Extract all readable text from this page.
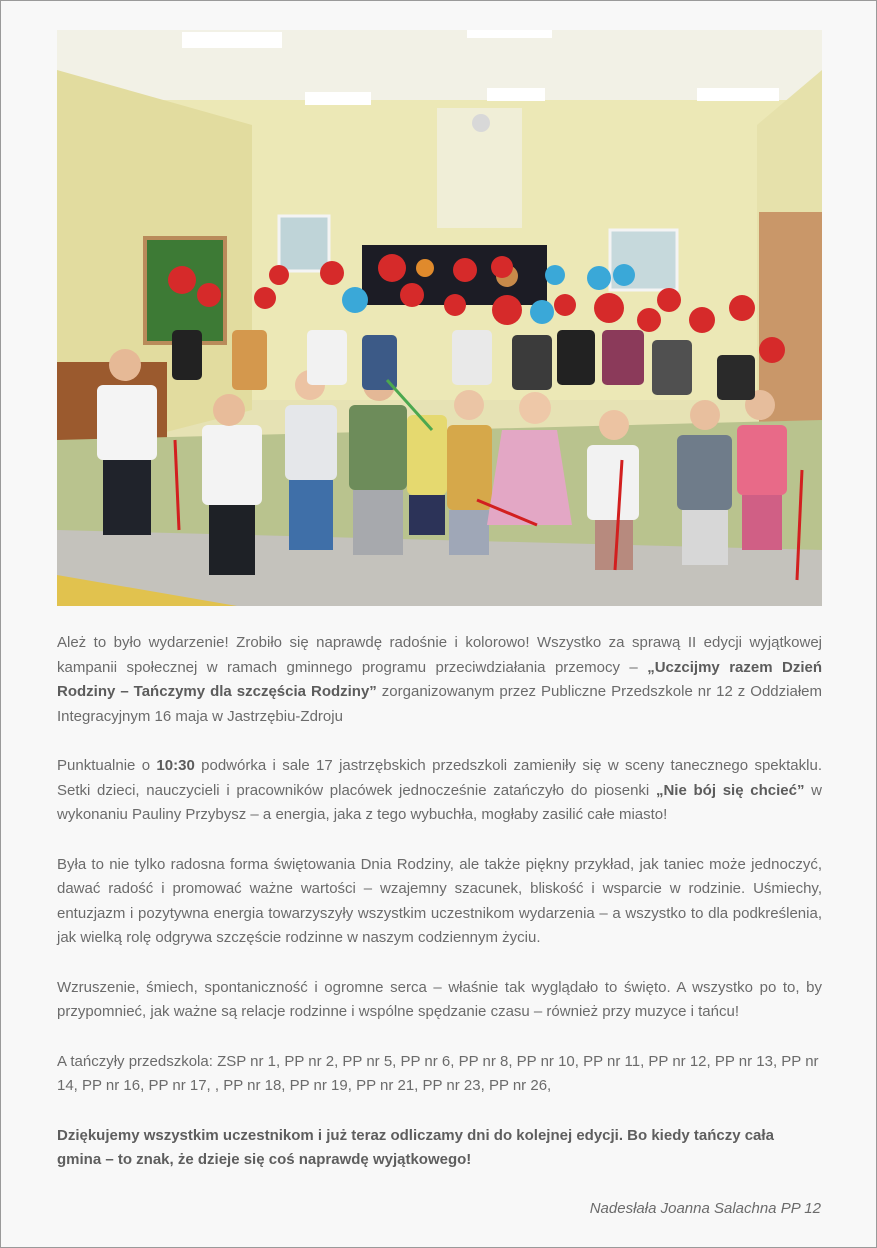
Ależ to było wydarzenie! Zrobiło się naprawdę radośnie i kolorowo! Wszystko za sprawą II edycji wyjątkowej kampanii społecznej w ramach gminnego programu przeciwdziałania przemocy – „Uczcijmy razem Dzień Rodziny – Tańczymy dla szczęścia Rodziny” zorganizowanym przez Publiczne Przedszkole nr 12 z Oddziałem Integracyjnym 16 maja w Jastrzębiu-Zdroju

Punktualnie o 10:30 podwórka i sale 17 jastrzębskich przedszkoli zamieniły się w sceny tanecznego spektaklu. Setki dzieci, nauczycieli i pracowników placówek jednocześnie zatańczyło do piosenki „Nie bój się chcieć” w wykonaniu Pauliny Przybysz – a energia, jaka z tego wybuchła, mogłaby zasilić całe miasto!

Była to nie tylko radosna forma świętowania Dnia Rodziny, ale także piękny przykład, jak taniec może jednoczyć, dawać radość i promować ważne wartości – wzajemny szacunek, bliskość i wsparcie w rodzinie. Uśmiechy, entuzjazm i pozytywna energia towarzyszyły wszystkim uczestnikom wydarzenia – a wszystko to dla podkreślenia, jak wielką rolę odgrywa szczęście rodzinne w naszym codziennym życiu.

Wzruszenie, śmiech, spontaniczność i ogromne serca – właśnie tak wyglądało to święto. A wszystko po to, by przypomnieć, jak ważne są relacje rodzinne i wspólne spędzanie czasu – również przy muzyce i tańcu!

A tańczyły przedszkola: ZSP nr 1, PP nr 2, PP nr 5, PP nr 6, PP nr 8, PP nr 10, PP nr 11, PP nr 12, PP nr 13, PP nr 14, PP nr 16, PP nr 17, , PP nr 18, PP nr 19, PP nr 21, PP nr 23, PP nr 26,

Dziękujemy wszystkim uczestnikom i już teraz odliczamy dni do kolejnej edycji. Bo kiedy tańczy cała gmina – to znak, że dzieje się coś naprawdę wyjątkowego!

Nadesłała Joanna Salachna PP 12
